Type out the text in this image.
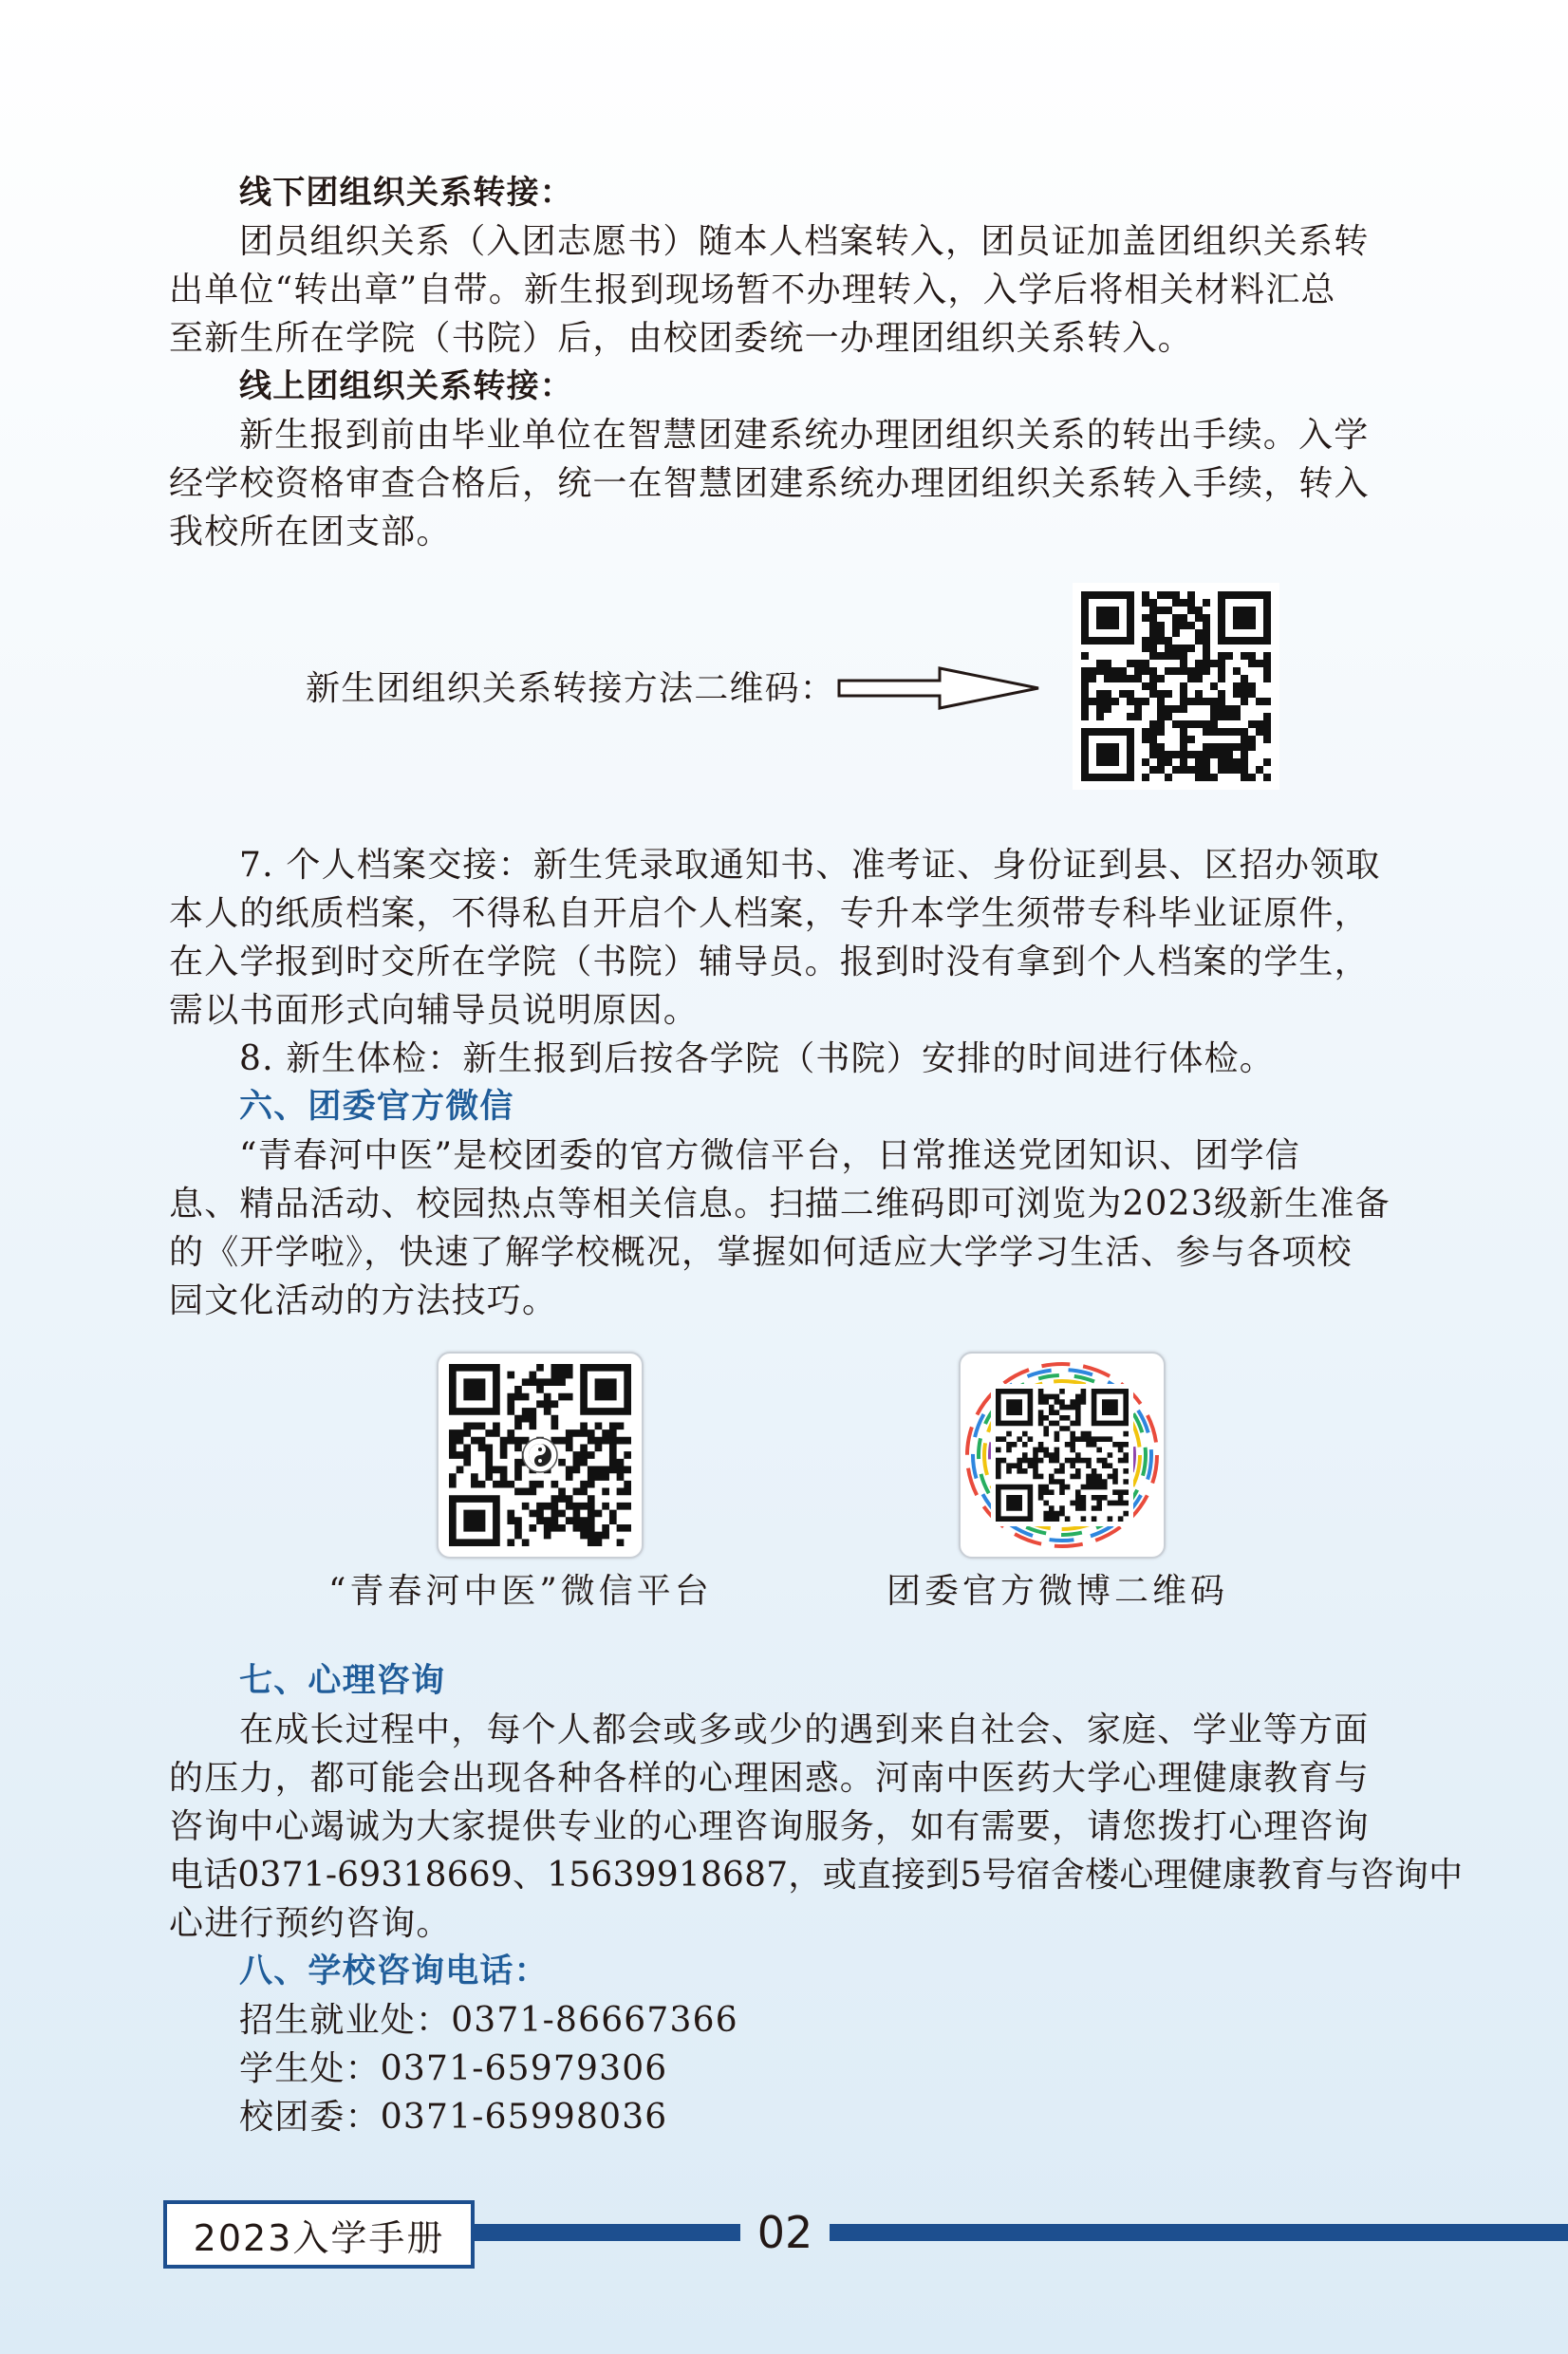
线下团组织关系转接：
团员组织关系（入团志愿书）随本人档案转入，团员证加盖团组织关系转
出单位“转出章”自带。新生报到现场暂不办理转入，入学后将相关材料汇总
至新生所在学院（书院）后，由校团委统一办理团组织关系转入。
线上团组织关系转接：
新生报到前由毕业单位在智慧团建系统办理团组织关系的转出手续。入学
经学校资格审查合格后，统一在智慧团建系统办理团组织关系转入手续，转入
我校所在团支部。
新生团组织关系转接方法二维码：
7. 个人档案交接：新生凭录取通知书、准考证、身份证到县、区招办领取
本人的纸质档案，不得私自开启个人档案，专升本学生须带专科毕业证原件，
在入学报到时交所在学院（书院）辅导员。报到时没有拿到个人档案的学生，
需以书面形式向辅导员说明原因。
8. 新生体检：新生报到后按各学院（书院）安排的时间进行体检。
六、团委官方微信
“青春河中医”是校团委的官方微信平台，日常推送党团知识、团学信
息、精品活动、校园热点等相关信息。扫描二维码即可浏览为2023级新生准备
的《开学啦》，快速了解学校概况，掌握如何适应大学学习生活、参与各项校
园文化活动的方法技巧。
“青春河中医”微信平台	团委官方微博二维码
七、心理咨询
在成长过程中，每个人都会或多或少的遇到来自社会、家庭、学业等方面
的压力，都可能会出现各种各样的心理困惑。河南中医药大学心理健康教育与
咨询中心竭诚为大家提供专业的心理咨询服务，如有需要，请您拨打心理咨询
电话0371-69318669、15639918687，或直接到5号宿舍楼心理健康教育与咨询中
心进行预约咨询。
八、学校咨询电话：
招生就业处：0371-86667366
学生处：0371-65979306
校团委：0371-65998036
2023入学手册	02
